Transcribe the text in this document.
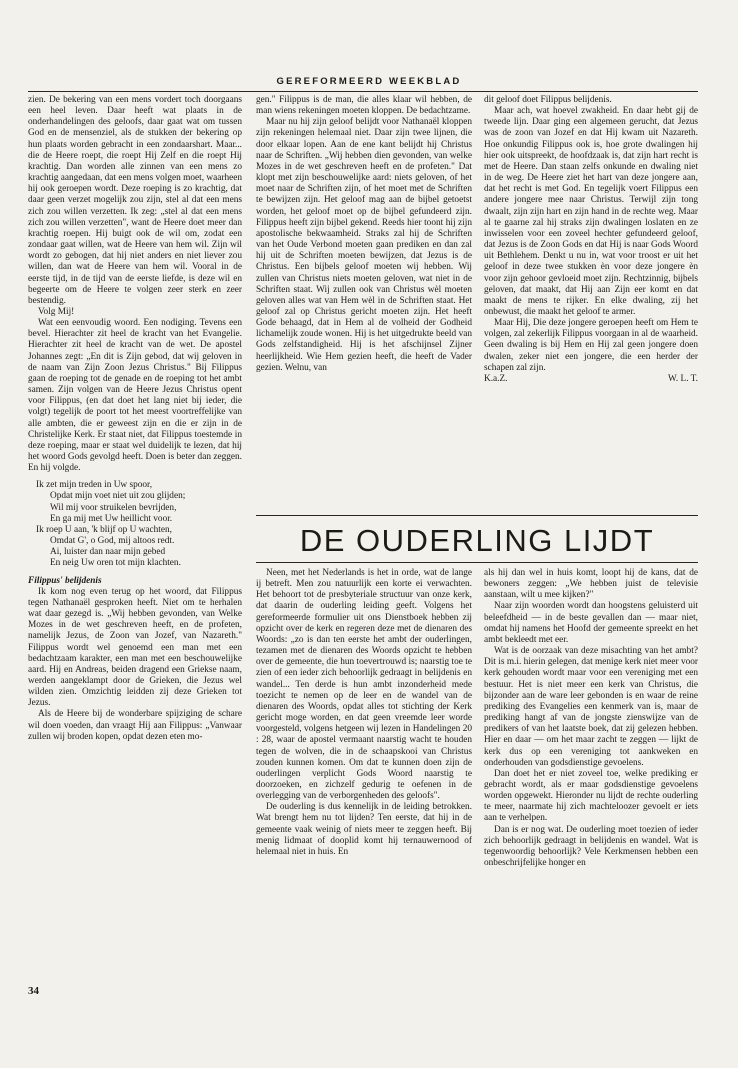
GEREFORMEERD WEEKBLAD

zien. De bekering van een mens vordert toch doorgaans een heel leven. Daar heeft wat plaats in de onderhandelingen des geloofs, daar gaat wat om tussen God en de mensenziel, als de stukken der bekering op hun plaats worden gebracht in een zondaarshart. Maar... die de Heere roept, die roept Hij Zelf en die roept Hij krachtig. Dan worden alle zinnen van een mens zo krachtig aangedaan, dat een mens volgen moet, waarheen hij ook geroepen wordt. Deze roeping is zo krachtig, dat daar geen verzet mogelijk zou zijn, stel al dat een mens zich zou willen verzetten. Ik zeg: „stel al dat een mens zich zou willen verzetten", want de Heere doet meer dan krachtig roepen. Hij buigt ook de wil om, zodat een zondaar gaat willen, wat de Heere van hem wil. Zijn wil wordt zo gebogen, dat hij niet anders en niet liever zou willen, dan wat de Heere van hem wil. Vooral in de eerste tijd, in de tijd van de eerste liefde, is deze wil en begeerte om de Heere te volgen zeer sterk en zeer bestendig.

Volg Mij!

Wat een eenvoudig woord. Een nodiging. Tevens een bevel. Hierachter zit heel de kracht van het Evangelie. Hierachter zit heel de kracht van de wet. De apostel Johannes zegt: „En dit is Zijn gebod, dat wij geloven in de naam van Zijn Zoon Jezus Christus." Bij Filippus gaan de roeping tot de genade en de roeping tot het ambt samen. Zijn volgen van de Heere Jezus Christus opent voor Filippus, (en dat doet het lang niet bij ieder, die volgt) tegelijk de poort tot het meest voortreffelijke van alle ambten, die er geweest zijn en die er zijn in de Christelijke Kerk. Er staat niet, dat Filippus toestemde in deze roeping, maar er staat wel duidelijk te lezen, dat hij het woord Gods gevolgd heeft. Doen is beter dan zeggen. En hij volgde.

Ik zet mijn treden in Uw spoor,
Opdat mijn voet niet uit zou glijden;
Wil mij voor struikelen bevrijden,
En ga mij met Uw heillicht voor.
Ik roep U aan, 'k blijf op U wachten,
Omdat G', o God, mij altoos redt.
Ai, luister dan naar mijn gebed
En neig Uw oren tot mijn klachten.

Filippus' belijdenis

Ik kom nog even terug op het woord, dat Filippus tegen Nathanaël gesproken heeft. Niet om te herhalen wat daar gezegd is. „Wij hebben gevonden, van Welke Mozes in de wet geschreven heeft, en de profeten, namelijk Jezus, de Zoon van Jozef, van Nazareth." Filippus wordt wel genoemd een man met een bedachtzaam karakter, een man met een beschouwelijke aard. Hij en Andreas, beiden dragend een Griekse naam, werden aangeklampt door de Grieken, die Jezus wel wilden zien. Omzichtig leidden zij deze Grieken tot Jezus.

Als de Heere bij de wonderbare spijziging de schare wil doen voeden, dan vraagt Hij aan Filippus: „Vanwaar zullen wij broden kopen, opdat dezen eten mo-

gen." Filippus is de man, die alles klaar wil hebben, de man wiens rekeningen moeten kloppen. De bedachtzame.

Maar nu hij zijn geloof belijdt voor Nathanaël kloppen zijn rekeningen helemaal niet. Daar zijn twee lijnen, die door elkaar lopen. Aan de ene kant belijdt hij Christus naar de Schriften. „Wij hebben dien gevonden, van welke Mozes in de wet geschreven heeft en de profeten." Dat klopt met zijn beschouwelijke aard: niets geloven, of het moet naar de Schriften zijn, of het moet met de Schriften te bewijzen zijn. Het geloof mag aan de bijbel getoetst worden, het geloof moet op de bijbel gefundeerd zijn. Filippus heeft zijn bijbel gekend. Reeds hier toont hij zijn apostolische bekwaamheid. Straks zal hij de Schriften van het Oude Verbond moeten gaan prediken en dan zal hij uit de Schriften moeten bewijzen, dat Jezus is de Christus. Een bijbels geloof moeten wij hebben. Wij zullen van Christus niets moeten geloven, wat niet in de Schriften staat. Wij zullen ook van Christus wèl moeten geloven alles wat van Hem wèl in de Schriften staat. Het geloof zal op Christus gericht moeten zijn. Het heeft Gode behaagd, dat in Hem al de volheid der Godheid lichamelijk zoude wonen. Hij is het uitgedrukte beeld van Gods zelfstandigheid. Hij is het afschijnsel Zijner heerlijkheid. Wie Hem gezien heeft, die heeft de Vader gezien. Welnu, van

dit geloof doet Filippus belijdenis.

Maar ach, wat hoevel zwakheid. En daar hebt gij de tweede lijn. Daar ging een algemeen gerucht, dat Jezus was de zoon van Jozef en dat Hij kwam uit Nazareth. Hoe onkundig Filippus ook is, hoe grote dwalingen hij hier ook uitspreekt, de hoofdzaak is, dat zijn hart recht is met de Heere. Dan staan zelfs onkunde en dwaling niet in de weg. De Heere ziet het hart van deze jongere aan, dat het recht is met God. En tegelijk voert Filippus een andere jongere mee naar Christus. Terwijl zijn tong dwaalt, zijn zijn hart en zijn hand in de rechte weg. Maar al te gaarne zal hij straks zijn dwalingen loslaten en ze inwisselen voor een zoveel hechter gefundeerd geloof, dat Jezus is de Zoon Gods en dat Hij is naar Gods Woord uit Bethlehem. Denkt u nu in, wat voor troost er uit het geloof in deze twee stukken èn voor deze jongere èn voor zijn gehoor gevloeid moet zijn. Rechtzinnig, bijbels geloven, dat maakt, dat Hij aan Zijn eer komt en dat maakt de mens te rijker. En elke dwaling, zij het onbewust, die maakt het geloof te armer.

Maar Hij, Die deze jongere geroepen heeft om Hem te volgen, zal zekerlijk Filippus voorgaan in al de waarheid. Geen dwaling is bij Hem en Hij zal geen jongere doen dwalen, zeker niet een jongere, die een herder der schapen zal zijn.

K.a.Z.	W. L. T.
DE OUDERLING LIJDT

Neen, met het Nederlands is het in orde, wat de lange ij betreft. Men zou natuurlijk een korte ei verwachten. Het behoort tot de presbyteriale structuur van onze kerk, dat daarin de ouderling leiding geeft. Volgens het gereformeerde formulier uit ons Dienstboek hebben zij opzicht over de kerk en regeren deze met de dienaren des Woords: „zo is dan ten eerste het ambt der ouderlingen, tezamen met de dienaren des Woords opzicht te hebben over de gemeente, die hun toevertrouwd is; naarstig toe te zien of een ieder zich behoorlijk gedraagt in belijdenis en wandel... Ten derde is hun ambt inzonderheid mede toezicht te nemen op de leer en de wandel van de dienaren des Woords, opdat alles tot stichting der Kerk gericht moge worden, en dat geen vreemde leer worde voorgesteld, volgens hetgeen wij lezen in Handelingen 20 : 28, waar de apostel vermaant naarstig wacht te houden tegen de wolven, die in de schaapskooi van Christus zouden kunnen komen. Om dat te kunnen doen zijn de ouderlingen verplicht Gods Woord naarstig te doorzoeken, en zichzelf gedurig te oefenen in de overlegging van de verborgenheden des geloofs".

De ouderling is dus kennelijk in de leiding betrokken. Wat brengt hem nu tot lijden? Ten eerste, dat hij in de gemeente vaak weinig of niets meer te zeggen heeft. Bij menig lidmaat of dooplid komt hij ternauwernood of helemaal niet in huis. En

als hij dan wel in huis komt, loopt hij de kans, dat de bewoners zeggen: „We hebben juist de televisie aanstaan, wilt u mee kijken?"

Naar zijn woorden wordt dan hoogstens geluisterd uit beleefdheid — in de beste gevallen dan — maar niet, omdat hij namens het Hoofd der gemeente spreekt en het ambt bekleedt met eer.

Wat is de oorzaak van deze misachting van het ambt? Dit is m.i. hierin gelegen, dat menige kerk niet meer voor kerk gehouden wordt maar voor een vereniging met een bestuur. Het is niet meer een kerk van Christus, die bijzonder aan de ware leer gebonden is en waar de reine prediking des Evangelies een kenmerk van is, maar de prediking hangt af van de jongste zienswijze van de predikers of van het laatste boek, dat zij gelezen hebben. Hier en daar — om het maar zacht te zeggen — lijkt de kerk dus op een vereniging tot aankweken en onderhouden van godsdienstige gevoelens.

Dan doet het er niet zoveel toe, welke prediking er gebracht wordt, als er maar godsdienstige gevoelens worden opgewekt. Hieronder nu lijdt de rechte ouderling te meer, naarmate hij zich machteloozer gevoelt er iets aan te verhelpen.

Dan is er nog wat. De ouderling moet toezien of ieder zich behoorlijk gedraagt in belijdenis en wandel. Wat is tegenwoordig behoorlijk? Vele Kerkmensen hebben een onbeschrijfelijke honger en

34
